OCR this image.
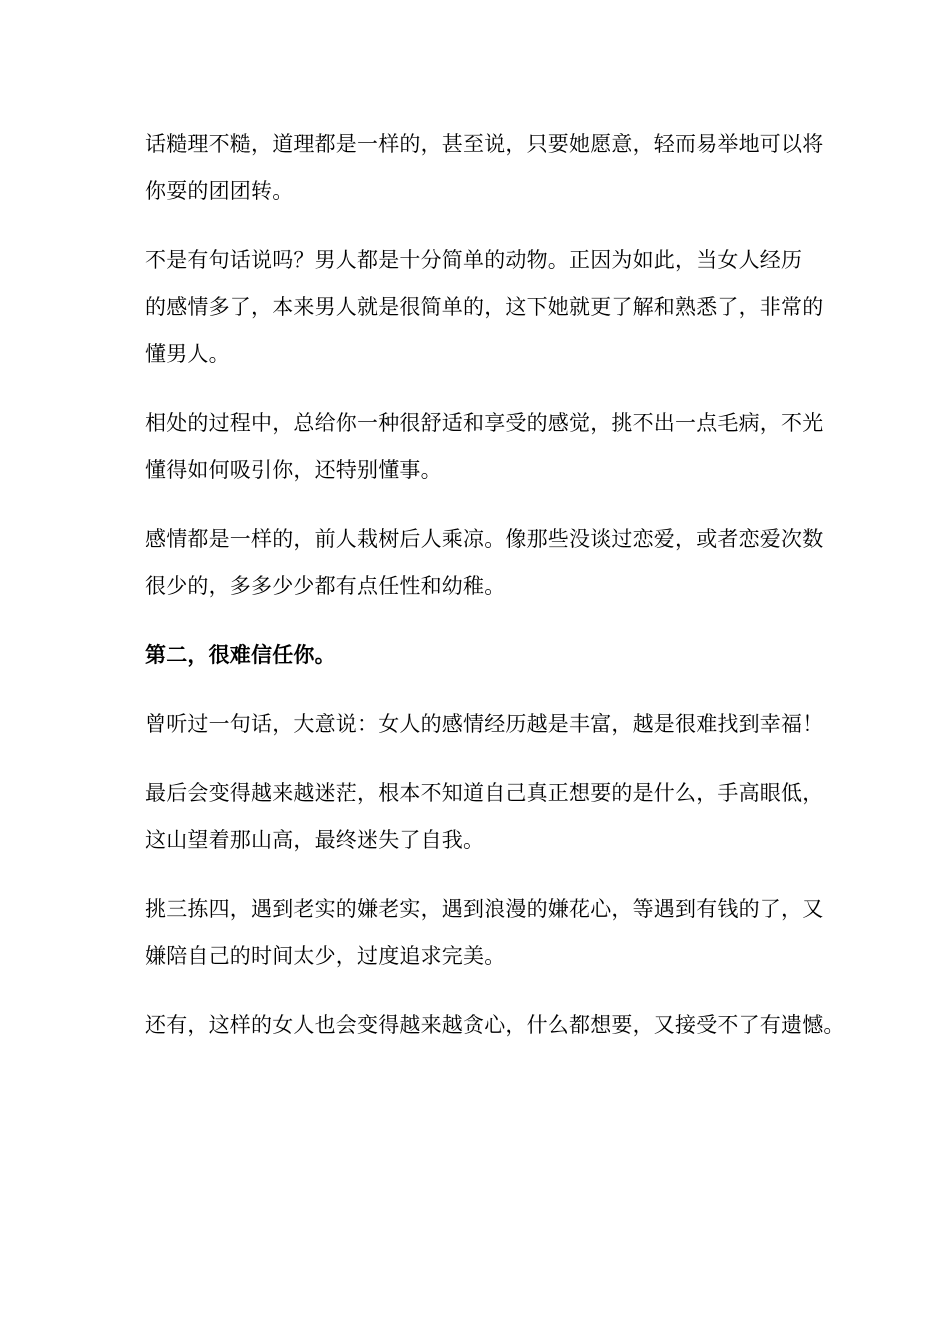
话糙理不糙，道理都是一样的，甚至说，只要她愿意，轻而易举地可以将
你耍的团团转。

不是有句话说吗？男人都是十分简单的动物。正因为如此，当女人经历
的感情多了，本来男人就是很简单的，这下她就更了解和熟悉了，非常的
懂男人。

相处的过程中，总给你一种很舒适和享受的感觉，挑不出一点毛病，不光
懂得如何吸引你，还特别懂事。

感情都是一样的，前人栽树后人乘凉。像那些没谈过恋爱，或者恋爱次数
很少的，多多少少都有点任性和幼稚。

第二，很难信任你。

曾听过一句话，大意说：女人的感情经历越是丰富，越是很难找到幸福！

最后会变得越来越迷茫，根本不知道自己真正想要的是什么，手高眼低，
这山望着那山高，最终迷失了自我。

挑三拣四，遇到老实的嫌老实，遇到浪漫的嫌花心，等遇到有钱的了，又
嫌陪自己的时间太少，过度追求完美。

还有，这样的女人也会变得越来越贪心，什么都想要，又接受不了有遗憾。
